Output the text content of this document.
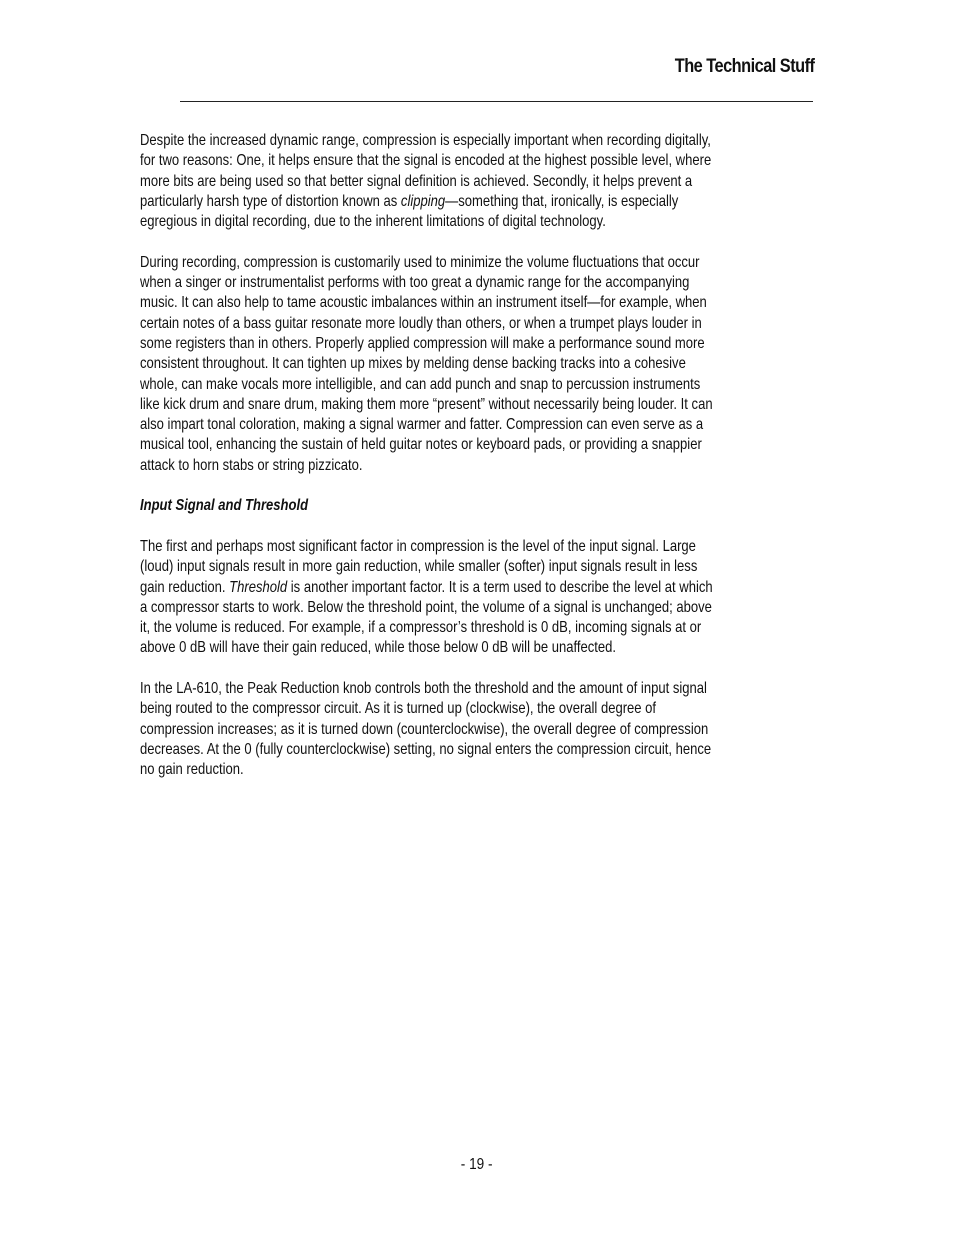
The Technical Stuff

Despite the increased dynamic range, compression is especially important when recording digitally,
for two reasons: One, it helps ensure that the signal is encoded at the highest possible level, where
more bits are being used so that better signal definition is achieved. Secondly, it helps prevent a
particularly harsh type of distortion known as clipping—something that, ironically, is especially
egregious in digital recording, due to the inherent limitations of digital technology.

During recording, compression is customarily used to minimize the volume fluctuations that occur
when a singer or instrumentalist performs with too great a dynamic range for the accompanying
music. It can also help to tame acoustic imbalances within an instrument itself—for example, when
certain notes of a bass guitar resonate more loudly than others, or when a trumpet plays louder in
some registers than in others. Properly applied compression will make a performance sound more
consistent throughout. It can tighten up mixes by melding dense backing tracks into a cohesive
whole, can make vocals more intelligible, and can add punch and snap to percussion instruments
like kick drum and snare drum, making them more “present” without necessarily being louder. It can
also impart tonal coloration, making a signal warmer and fatter. Compression can even serve as a
musical tool, enhancing the sustain of held guitar notes or keyboard pads, or providing a snappier
attack to horn stabs or string pizzicato.

Input Signal and Threshold

The first and perhaps most significant factor in compression is the level of the input signal. Large
(loud) input signals result in more gain reduction, while smaller (softer) input signals result in less
gain reduction. Threshold is another important factor. It is a term used to describe the level at which
a compressor starts to work. Below the threshold point, the volume of a signal is unchanged; above
it, the volume is reduced. For example, if a compressor’s threshold is 0 dB, incoming signals at or
above 0 dB will have their gain reduced, while those below 0 dB will be unaffected.

In the LA-610, the Peak Reduction knob controls both the threshold and the amount of input signal
being routed to the compressor circuit. As it is turned up (clockwise), the overall degree of
compression increases; as it is turned down (counterclockwise), the overall degree of compression
decreases. At the 0 (fully counterclockwise) setting, no signal enters the compression circuit, hence
no gain reduction.

- 19 -
